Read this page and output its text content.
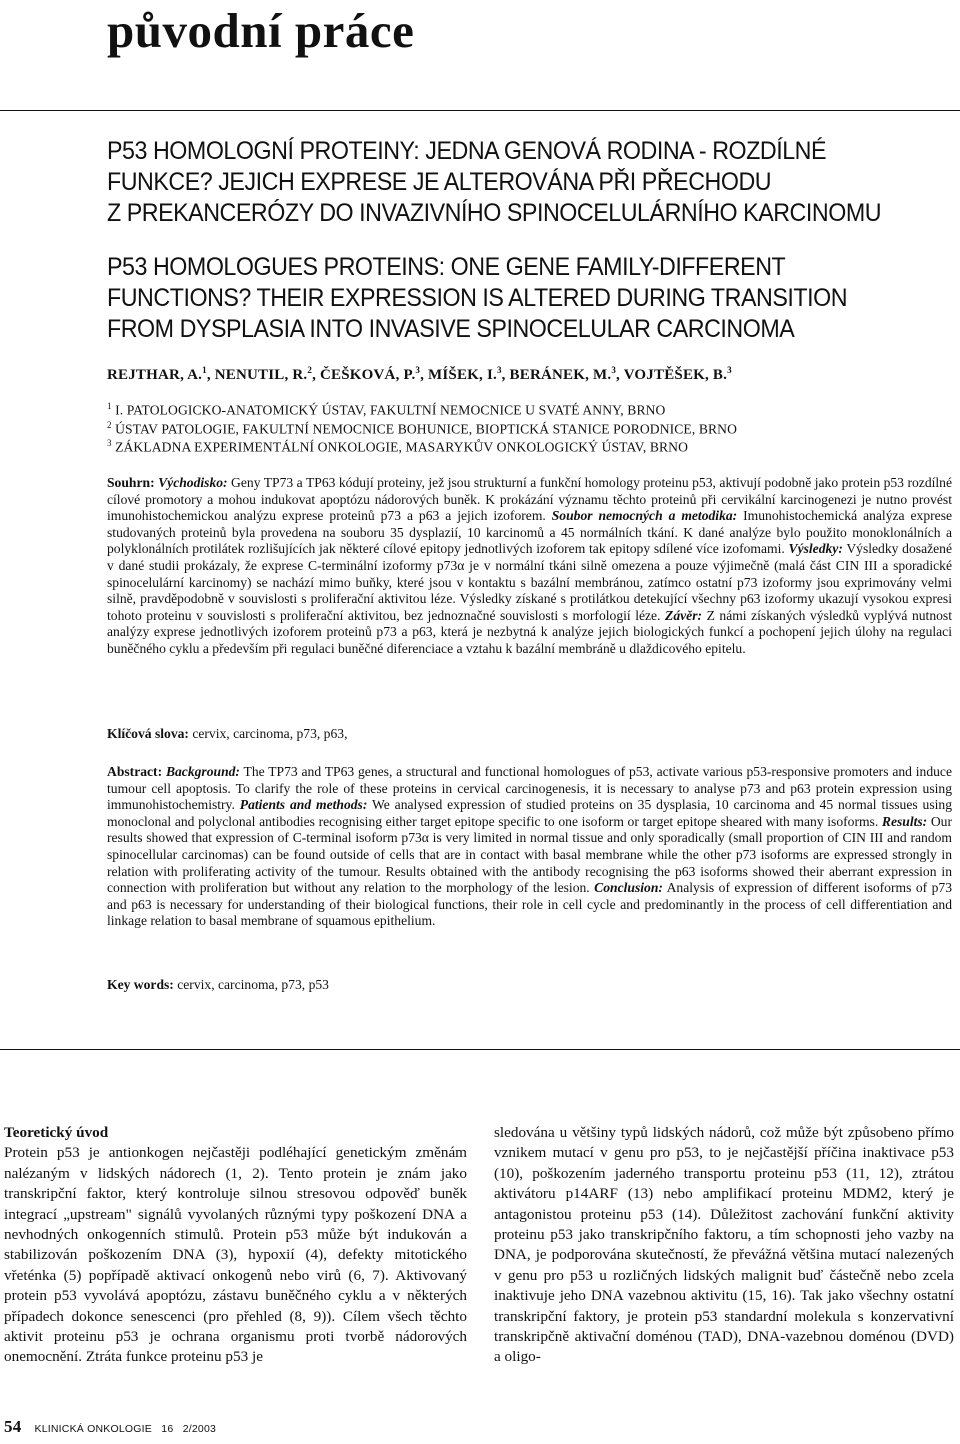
původní práce
P53 HOMOLOGNÍ PROTEINY: JEDNA GENOVÁ RODINA - ROZDÍLNÉ
FUNKCE? JEJICH EXPRESE JE ALTEROVÁNA PŘI PŘECHODU
Z PREKANCERÓZY DO INVAZIVNÍHO SPINOCELULÁRNÍHO KARCINOMU
P53 HOMOLOGUES PROTEINS: ONE GENE FAMILY-DIFFERENT
FUNCTIONS? THEIR EXPRESSION IS ALTERED DURING TRANSITION
FROM DYSPLASIA INTO INVASIVE SPINOCELULAR CARCINOMA
REJTHAR, A.$^1$, NENUTIL, R.$^2$, ČEŠKOVÁ, P.$^3$, MÍŠEK, I.$^3$, BERÁNEK, M.$^3$, VOJTĚŠEK, B.$^3$
$^1$ I. PATOLOGICKO-ANATOMICKÝ ÚSTAV, FAKULTNÍ NEMOCNICE U SVATÉ ANNY, BRNO
$^2$ ÚSTAV PATOLOGIE, FAKULTNÍ NEMOCNICE BOHUNICE, BIOPTICKÁ STANICE PORODNICE, BRNO
$^3$ ZÁKLADNA EXPERIMENTÁLNÍ ONKOLOGIE, MASARYKŮV ONKOLOGICKÝ ÚSTAV, BRNO
Souhrn: Východisko: Geny TP73 a TP63 kódují proteiny, jež jsou strukturní a funkční homology proteinu p53, aktivují podobně jako protein p53 rozdílné cílové promotory a mohou indukovat apoptózu nádorových buněk. K prokázání významu těchto proteinů při cervikální karcinogenezi je nutno provést imunohistochemickou analýzu exprese proteinů p73 a p63 a jejich izoforem. Soubor nemocných a metodika: Imunohistochemická analýza exprese studovaných proteinů byla provedena na souboru 35 dysplazií, 10 karcinomů a 45 normálních tkání. K dané analýze bylo použito monoklonálních a polyklonálních protilátek rozlišujících jak některé cílové epitopy jednotlivých izoforem tak epitopy sdílené více izofomami. Výsledky: Výsledky dosažené v dané studii prokázaly, že exprese C-terminální izoformy p73α je v normální tkáni silně omezena a pouze výjimečně (malá část CIN III a sporadické spinocelulární karcinomy) se nachází mimo buňky, které jsou v kontaktu s bazální membránou, zatímco ostatní p73 izoformy jsou exprimovány velmi silně, pravděpodobně v souvislosti s proliferační aktivitou léze. Výsledky získané s protilátkou detekující všechny p63 izoformy ukazují vysokou expresi tohoto proteinu v souvislosti s proliferační aktivitou, bez jednoznačné souvislosti s morfologií léze. Závěr: Z námi získaných výsledků vyplývá nutnost analýzy exprese jednotlivých izoforem proteinů p73 a p63, která je nezbytná k analýze jejich biologických funkcí a pochopení jejich úlohy na regulaci buněčného cyklu a především při regulaci buněčné diferenciace a vztahu k bazální membráně u dlaždicového epitelu.
Klíčová slova: cervix, carcinoma, p73, p63,
Abstract: Background: The TP73 and TP63 genes, a structural and functional homologues of p53, activate various p53-responsive promoters and induce tumour cell apoptosis. To clarify the role of these proteins in cervical carcinogenesis, it is necessary to analyse p73 and p63 protein expression using immunohistochemistry. Patients and methods: We analysed expression of studied proteins on 35 dysplasia, 10 carcinoma and 45 normal tissues using monoclonal and polyclonal antibodies recognising either target epitope specific to one isoform or target epitope sheared with many isoforms. Results: Our results showed that expression of C-terminal isoform p73α is very limited in normal tissue and only sporadically (small proportion of CIN III and random spinocellular carcinomas) can be found outside of cells that are in contact with basal membrane while the other p73 isoforms are expressed strongly in relation with proliferating activity of the tumour. Results obtained with the antibody recognising the p63 isoforms showed their aberrant expression in connection with proliferation but without any relation to the morphology of the lesion. Conclusion: Analysis of expression of different isoforms of p73 and p63 is necessary for understanding of their biological functions, their role in cell cycle and predominantly in the process of cell differentiation and linkage relation to basal membrane of squamous epithelium.
Key words: cervix, carcinoma, p73, p53
Teoretický úvod
Protein p53 je antionkogen nejčastěji podléhající genetickým změnám nalézaným v lidských nádorech (1, 2). Tento protein je znám jako transkripční faktor, který kontroluje silnou stresovou odpověď buněk integrací „upstream" signálů vyvolaných různými typy poškození DNA a nevhodných onkogenních stimulů. Protein p53 může být indukován a stabilizován poškozením DNA (3), hypoxií (4), defekty mitotického vřeténka (5) popřípadě aktivací onkogenů nebo virů (6, 7). Aktivovaný protein p53 vyvolává apoptózu, zástavu buněčného cyklu a v některých případech dokonce senescenci (pro přehled (8, 9)). Cílem všech těchto aktivit proteinu p53 je ochrana organismu proti tvorbě nádorových onemocnění. Ztráta funkce proteinu p53 je
sledována u většiny typů lidských nádorů, což může být způsobeno přímo vznikem mutací v genu pro p53, to je nejčastější příčina inaktivace p53 (10), poškozením jaderného transportu proteinu p53 (11, 12), ztrátou aktivátoru p14ARF (13) nebo amplifikací proteinu MDM2, který je antagonistou proteinu p53 (14). Důležitost zachování funkční aktivity proteinu p53 jako transkripčního faktoru, a tím schopnosti jeho vazby na DNA, je podporována skutečností, že převážná většina mutací nalezených v genu pro p53 u rozličných lidských malignit buď částečně nebo zcela inaktivuje jeho DNA vazebnou aktivitu (15, 16). Tak jako všechny ostatní transkripční faktory, je protein p53 standardní molekula s konzervativní transkripčně aktivační doménou (TAD), DNA-vazebnou doménou (DVD) a oligo-
54 KLINICKÁ ONKOLOGIE 16 2/2003
